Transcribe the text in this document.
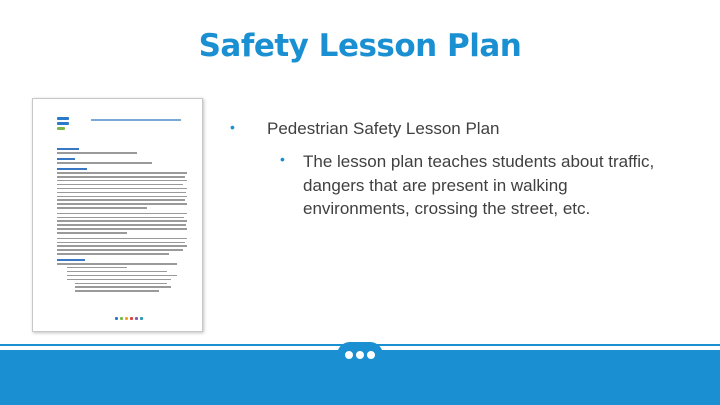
Safety Lesson Plan
• Pedestrian Safety Lesson Plan
• The lesson plan teaches students about traffic, dangers that are present in walking environments, crossing the street, etc.
